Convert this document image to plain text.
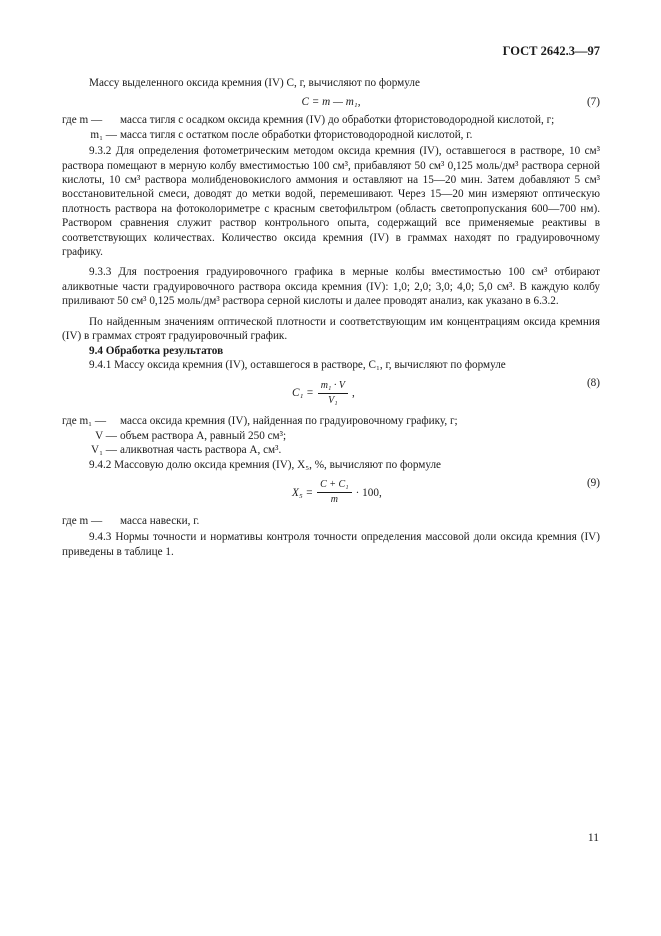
ГОСТ 2642.3—97

Массу выделенного оксида кремния (IV) C, г, вычисляют по формуле

C = m — m₁,	(7)
где m —	масса тигля с осадком оксида кремния (IV) до обработки фтористоводородной кислотой, г;
m₁ — масса тигля с остатком после обработки фтористоводородной кислотой, г.

9.3.2 Для определения фотометрическим методом оксида кремния (IV), оставшегося в растворе, 10 см³ раствора помещают в мерную колбу вместимостью 100 см³, прибавляют 50 см³ 0,125 моль/дм³ раствора серной кислоты, 10 см³ раствора молибденовокислого аммония и оставляют на 15—20 мин. Затем добавляют 5 см³ восстановительной смеси, доводят до метки водой, перемешивают. Через 15—20 мин измеряют оптическую плотность раствора на фотоколориметре с красным светофильтром (область светопропускания 600—700 нм). Раствором сравнения служит раствор контрольного опыта, содержащий все применяемые реактивы в соответствующих количествах. Количество оксида кремния (IV) в граммах находят по градуировочному графику.

9.3.3 Для построения градуировочного графика в мерные колбы вместимостью 100 см³ отбирают аликвотные части градуировочного раствора оксида кремния (IV): 1,0; 2,0; 3,0; 4,0; 5,0 см³. В каждую колбу приливают 50 см³ 0,125 моль/дм³ раствора серной кислоты и далее проводят анализ, как указано в 6.3.2.

По найденным значениям оптической плотности и соответствующим им концентрациям оксида кремния (IV) в граммах строят градуировочный график.

9.4 Обработка результатов

9.4.1 Массу оксида кремния (IV), оставшегося в растворе, C₁, г, вычисляют по формуле

$C_1 = \frac{\text{m₁ · V}}{\text{V₁}}$ ,
(8)
где m₁ —	масса оксида кремния (IV), найденная по градуировочному графику, г;
V — объем раствора А, равный 250 см³;
V₁ — аликвотная часть раствора А, см³.

9.4.2 Массовую долю оксида кремния (IV), X₅, %, вычисляют по формуле

$X_5 = \frac{\text{C + C₁}}{m} \cdot 100$,
(9)
где m —	масса навески, г.

9.4.3 Нормы точности и нормативы контроля точности определения массовой доли оксида кремния (IV) приведены в таблице 1.

11
